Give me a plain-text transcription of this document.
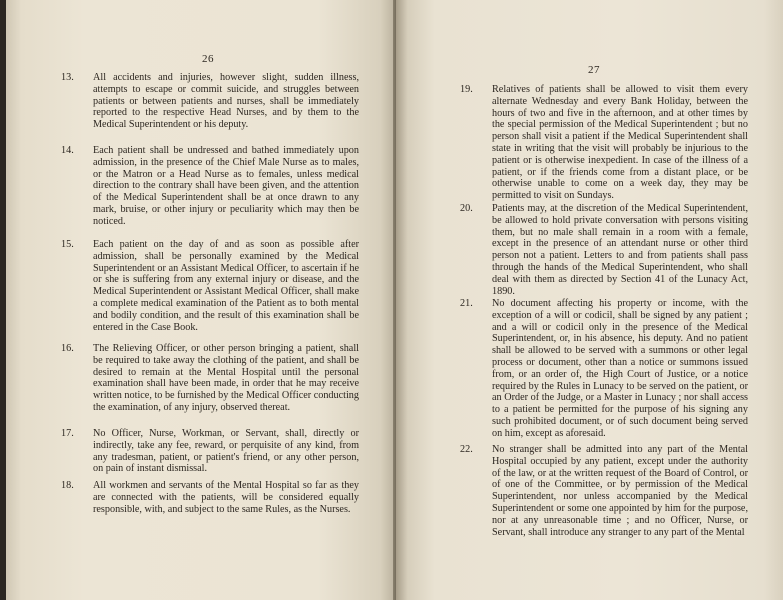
26
13.	All accidents and injuries, however slight, sudden illness, attempts to escape or commit suicide, and struggles between patients or between patients and nurses, shall be immediately reported to the respective Head Nurses, and by them to the Medical Superintendent or his deputy.
14.	Each patient shall be undressed and bathed immediately upon admission, in the presence of the Chief Male Nurse as to males, or the Matron or a Head Nurse as to females, unless medical direction to the contrary shall have been given, and the attention of the Medical Superintendent shall be at once drawn to any mark, bruise, or other injury or peculiarity which may then be noticed.
15.	Each patient on the day of and as soon as possible after admission, shall be personally examined by the Medical Superintendent or an Assistant Medical Officer, to ascertain if he or she is suffering from any external injury or disease, and the Medical Superintendent or Assistant Medical Officer, shall make a complete medical examination of the Patient as to both mental and bodily condition, and the result of this examination shall be entered in the Case Book.
16.	The Relieving Officer, or other person bringing a patient, shall be required to take away the clothing of the patient, and shall be desired to remain at the Mental Hospital until the personal examination shall have been made, in order that he may receive written notice, to be furnished by the Medical Officer conducting the examination, of any injury, observed thereat.
17.	No Officer, Nurse, Workman, or Servant, shall, directly or indirectly, take any fee, reward, or perquisite of any kind, from any tradesman, patient, or patient's friend, or any other person, on pain of instant dismissal.
18.	All workmen and servants of the Mental Hospital so far as they are connected with the patients, will be considered equally responsible, with, and subject to the same Rules, as the Nurses.
27
19.	Relatives of patients shall be allowed to visit them every alternate Wednesday and every Bank Holiday, between the hours of two and five in the afternoon, and at other times by the special permission of the Medical Superintendent ; but no person shall visit a patient if the Medical Superintendent shall state in writing that the visit will probably be injurious to the patient or is otherwise inexpedient. In case of the illness of a patient, or if the friends come from a distant place, or be otherwise unable to come on a week day, they may be permitted to visit on Sundays.
20.	Patients may, at the discretion of the Medical Superintendent, be allowed to hold private conversation with persons visiting them, but no male shall remain in a room with a female, except in the presence of an attendant nurse or other third person not a patient. Letters to and from patients shall pass through the hands of the Medical Superintendent, who shall deal with them as directed by Section 41 of the Lunacy Act, 1890.
21.	No document affecting his property or income, with the exception of a will or codicil, shall be signed by any patient ; and a will or codicil only in the presence of the Medical Superintendent, or, in his absence, his deputy. And no patient shall be allowed to be served with a summons or other legal process or document, other than a notice or summons issued from, or an order of, the High Court of Justice, or a notice required by the Rules in Lunacy to be served on the patient, or an Order of the Judge, or a Master in Lunacy ; nor shall access to a patient be permitted for the purpose of his signing any such prohibited document, or of such document being served on him, except as aforesaid.
22.	No stranger shall be admitted into any part of the Mental Hospital occupied by any patient, except under the authority of the law, or at the written request of the Board of Control, or of one of the Committee, or by permission of the Medical Superintendent, nor unless accompanied by the Medical Superintendent or some one appointed by him for the purpose, nor at any unreasonable time ; and no Officer, Nurse, or Servant, shall introduce any stranger to any part of the Mental
